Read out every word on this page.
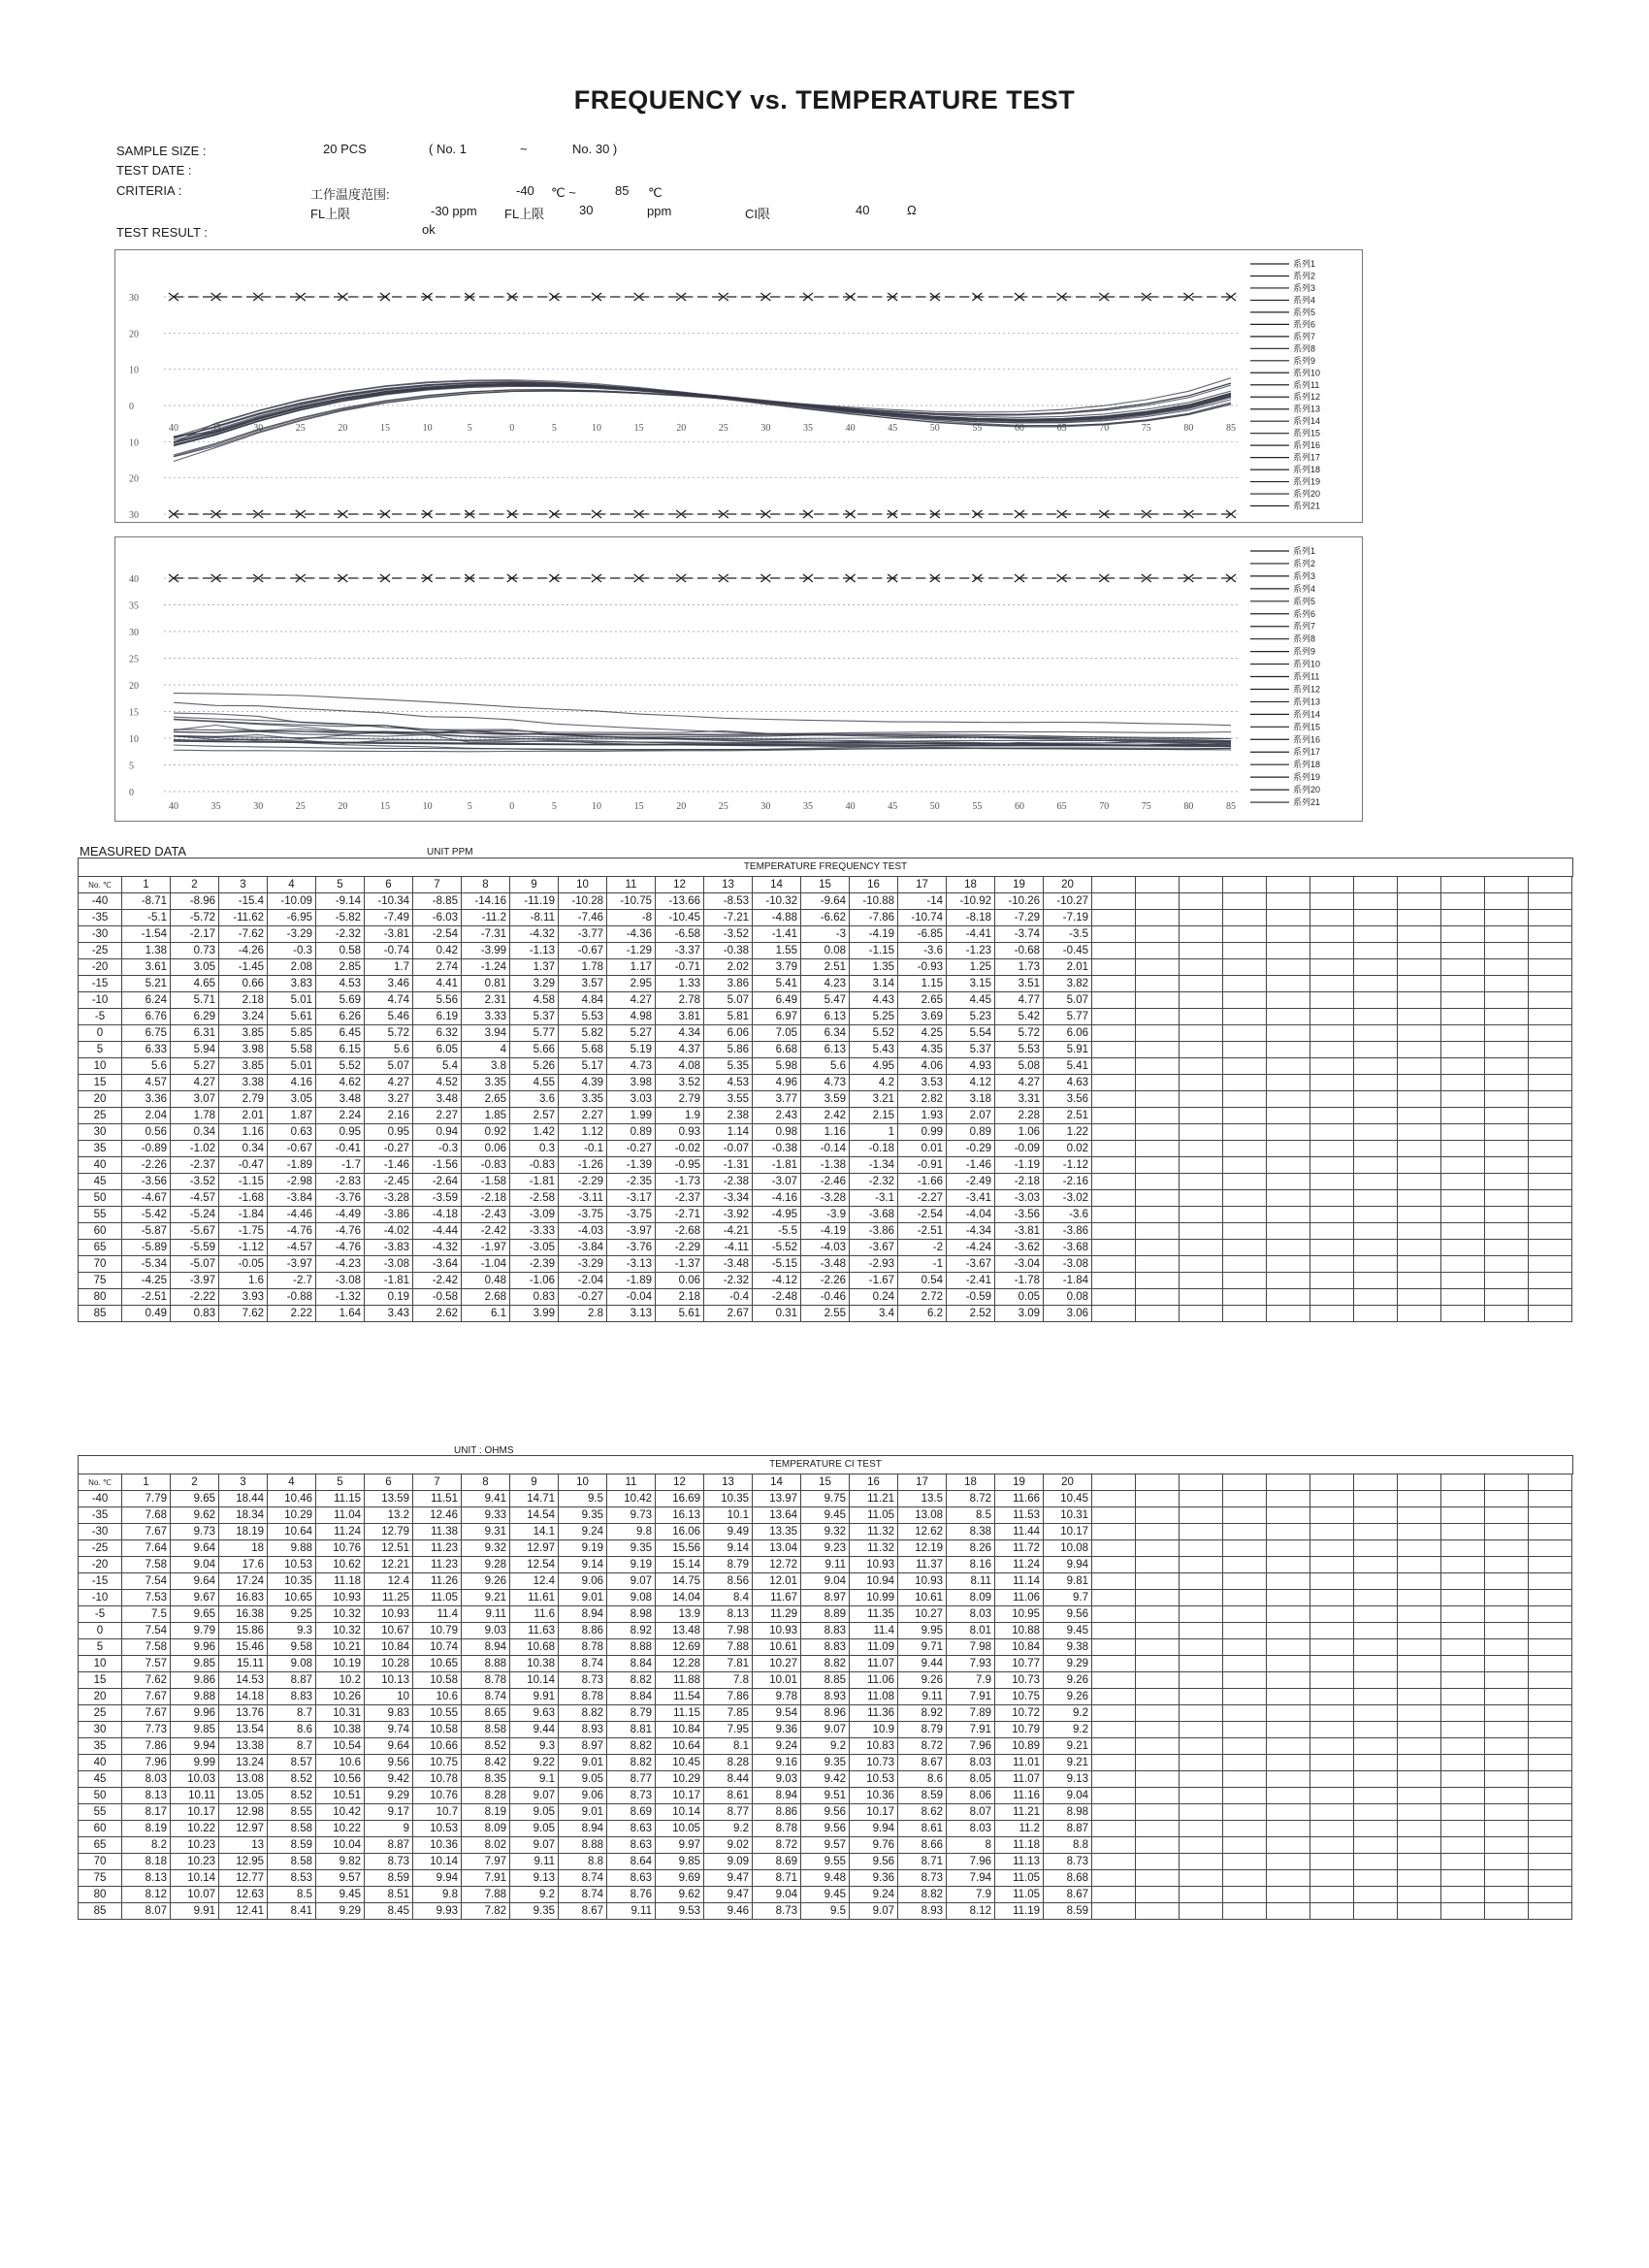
FREQUENCY vs. TEMPERATURE TEST
SAMPLE SIZE :	20 PCS	( No. 1	~	No. 30 )
TEST DATE :
CRITERIA :	工作温度范围:	-40 ℃ ~	85 ℃
FL上限	-30 ppm FL上限	30	ppm	CI限	40	Ω
TEST RESULT :	ok
30
20
10
0
10
20
30
40	35	30	25	20	15	10	5	0	5	10	15	20	25	30	35	40	45	50	55	60	65	70	75	80	85
系列1
系列2
系列3
系列4
系列5
系列6
系列7
系列8
系列9
系列10
系列11
系列12
系列13
系列14
系列15
系列16
系列17
系列18
系列19
系列20
系列21
40
35
30
25
20
15
10
5
0
40	35	30	25	20	15	10	5	0	5	10	15	20	25	30	35	40	45	50	55	60	65	70	75	80	85
系列1
系列2
系列3
系列4
系列5
系列6
系列7
系列8
系列9
系列10
系列11
系列12
系列13
系列14
系列15
系列16
系列17
系列18
系列19
系列20
系列21
MEASURED DATA	UNIT PPM
TEMPERATURE FREQUENCY TEST
No. ℃	1	2	3	4	5	6	7	8	9	10	11	12	13	14	15	16	17	18	19	20											
-40	-8.71	-8.96	-15.4	-10.09	-9.14	-10.34	-8.85	-14.16	-11.19	-10.28	-10.75	-13.66	-8.53	-10.32	-9.64	-10.88	-14	-10.92	-10.26	-10.27											
-35	-5.1	-5.72	-11.62	-6.95	-5.82	-7.49	-6.03	-11.2	-8.11	-7.46	-8	-10.45	-7.21	-4.88	-6.62	-7.86	-10.74	-8.18	-7.29	-7.19											
-30	-1.54	-2.17	-7.62	-3.29	-2.32	-3.81	-2.54	-7.31	-4.32	-3.77	-4.36	-6.58	-3.52	-1.41	-3	-4.19	-6.85	-4.41	-3.74	-3.5											
-25	1.38	0.73	-4.26	-0.3	0.58	-0.74	0.42	-3.99	-1.13	-0.67	-1.29	-3.37	-0.38	1.55	0.08	-1.15	-3.6	-1.23	-0.68	-0.45											
-20	3.61	3.05	-1.45	2.08	2.85	1.7	2.74	-1.24	1.37	1.78	1.17	-0.71	2.02	3.79	2.51	1.35	-0.93	1.25	1.73	2.01											
-15	5.21	4.65	0.66	3.83	4.53	3.46	4.41	0.81	3.29	3.57	2.95	1.33	3.86	5.41	4.23	3.14	1.15	3.15	3.51	3.82											
-10	6.24	5.71	2.18	5.01	5.69	4.74	5.56	2.31	4.58	4.84	4.27	2.78	5.07	6.49	5.47	4.43	2.65	4.45	4.77	5.07											
-5	6.76	6.29	3.24	5.61	6.26	5.46	6.19	3.33	5.37	5.53	4.98	3.81	5.81	6.97	6.13	5.25	3.69	5.23	5.42	5.77											
0	6.75	6.31	3.85	5.85	6.45	5.72	6.32	3.94	5.77	5.82	5.27	4.34	6.06	7.05	6.34	5.52	4.25	5.54	5.72	6.06											
5	6.33	5.94	3.98	5.58	6.15	5.6	6.05	4	5.66	5.68	5.19	4.37	5.86	6.68	6.13	5.43	4.35	5.37	5.53	5.91											
10	5.6	5.27	3.85	5.01	5.52	5.07	5.4	3.8	5.26	5.17	4.73	4.08	5.35	5.98	5.6	4.95	4.06	4.93	5.08	5.41											
15	4.57	4.27	3.38	4.16	4.62	4.27	4.52	3.35	4.55	4.39	3.98	3.52	4.53	4.96	4.73	4.2	3.53	4.12	4.27	4.63											
20	3.36	3.07	2.79	3.05	3.48	3.27	3.48	2.65	3.6	3.35	3.03	2.79	3.55	3.77	3.59	3.21	2.82	3.18	3.31	3.56											
25	2.04	1.78	2.01	1.87	2.24	2.16	2.27	1.85	2.57	2.27	1.99	1.9	2.38	2.43	2.42	2.15	1.93	2.07	2.28	2.51											
30	0.56	0.34	1.16	0.63	0.95	0.95	0.94	0.92	1.42	1.12	0.89	0.93	1.14	0.98	1.16	1	0.99	0.89	1.06	1.22											
35	-0.89	-1.02	0.34	-0.67	-0.41	-0.27	-0.3	0.06	0.3	-0.1	-0.27	-0.02	-0.07	-0.38	-0.14	-0.18	0.01	-0.29	-0.09	0.02											
40	-2.26	-2.37	-0.47	-1.89	-1.7	-1.46	-1.56	-0.83	-0.83	-1.26	-1.39	-0.95	-1.31	-1.81	-1.38	-1.34	-0.91	-1.46	-1.19	-1.12											
45	-3.56	-3.52	-1.15	-2.98	-2.83	-2.45	-2.64	-1.58	-1.81	-2.29	-2.35	-1.73	-2.38	-3.07	-2.46	-2.32	-1.66	-2.49	-2.18	-2.16											
50	-4.67	-4.57	-1.68	-3.84	-3.76	-3.28	-3.59	-2.18	-2.58	-3.11	-3.17	-2.37	-3.34	-4.16	-3.28	-3.1	-2.27	-3.41	-3.03	-3.02											
55	-5.42	-5.24	-1.84	-4.46	-4.49	-3.86	-4.18	-2.43	-3.09	-3.75	-3.75	-2.71	-3.92	-4.95	-3.9	-3.68	-2.54	-4.04	-3.56	-3.6											
60	-5.87	-5.67	-1.75	-4.76	-4.76	-4.02	-4.44	-2.42	-3.33	-4.03	-3.97	-2.68	-4.21	-5.5	-4.19	-3.86	-2.51	-4.34	-3.81	-3.86											
65	-5.89	-5.59	-1.12	-4.57	-4.76	-3.83	-4.32	-1.97	-3.05	-3.84	-3.76	-2.29	-4.11	-5.52	-4.03	-3.67	-2	-4.24	-3.62	-3.68											
70	-5.34	-5.07	-0.05	-3.97	-4.23	-3.08	-3.64	-1.04	-2.39	-3.29	-3.13	-1.37	-3.48	-5.15	-3.48	-2.93	-1	-3.67	-3.04	-3.08											
75	-4.25	-3.97	1.6	-2.7	-3.08	-1.81	-2.42	0.48	-1.06	-2.04	-1.89	0.06	-2.32	-4.12	-2.26	-1.67	0.54	-2.41	-1.78	-1.84											
80	-2.51	-2.22	3.93	-0.88	-1.32	0.19	-0.58	2.68	0.83	-0.27	-0.04	2.18	-0.4	-2.48	-0.46	0.24	2.72	-0.59	0.05	0.08											
85	0.49	0.83	7.62	2.22	1.64	3.43	2.62	6.1	3.99	2.8	3.13	5.61	2.67	0.31	2.55	3.4	6.2	2.52	3.09	3.06											
UNIT : OHMS
TEMPERATURE CI TEST
No. ℃	1	2	3	4	5	6	7	8	9	10	11	12	13	14	15	16	17	18	19	20											
-40	7.79	9.65	18.44	10.46	11.15	13.59	11.51	9.41	14.71	9.5	10.42	16.69	10.35	13.97	9.75	11.21	13.5	8.72	11.66	10.45											
-35	7.68	9.62	18.34	10.29	11.04	13.2	12.46	9.33	14.54	9.35	9.73	16.13	10.1	13.64	9.45	11.05	13.08	8.5	11.53	10.31											
-30	7.67	9.73	18.19	10.64	11.24	12.79	11.38	9.31	14.1	9.24	9.8	16.06	9.49	13.35	9.32	11.32	12.62	8.38	11.44	10.17											
-25	7.64	9.64	18	9.88	10.76	12.51	11.23	9.32	12.97	9.19	9.35	15.56	9.14	13.04	9.23	11.32	12.19	8.26	11.72	10.08											
-20	7.58	9.04	17.6	10.53	10.62	12.21	11.23	9.28	12.54	9.14	9.19	15.14	8.79	12.72	9.11	10.93	11.37	8.16	11.24	9.94											
-15	7.54	9.64	17.24	10.35	11.18	12.4	11.26	9.26	12.4	9.06	9.07	14.75	8.56	12.01	9.04	10.94	10.93	8.11	11.14	9.81											
-10	7.53	9.67	16.83	10.65	10.93	11.25	11.05	9.21	11.61	9.01	9.08	14.04	8.4	11.67	8.97	10.99	10.61	8.09	11.06	9.7											
-5	7.5	9.65	16.38	9.25	10.32	10.93	11.4	9.11	11.6	8.94	8.98	13.9	8.13	11.29	8.89	11.35	10.27	8.03	10.95	9.56											
0	7.54	9.79	15.86	9.3	10.32	10.67	10.79	9.03	11.63	8.86	8.92	13.48	7.98	10.93	8.83	11.4	9.95	8.01	10.88	9.45											
5	7.58	9.96	15.46	9.58	10.21	10.84	10.74	8.94	10.68	8.78	8.88	12.69	7.88	10.61	8.83	11.09	9.71	7.98	10.84	9.38											
10	7.57	9.85	15.11	9.08	10.19	10.28	10.65	8.88	10.38	8.74	8.84	12.28	7.81	10.27	8.82	11.07	9.44	7.93	10.77	9.29											
15	7.62	9.86	14.53	8.87	10.2	10.13	10.58	8.78	10.14	8.73	8.82	11.88	7.8	10.01	8.85	11.06	9.26	7.9	10.73	9.26											
20	7.67	9.88	14.18	8.83	10.26	10	10.6	8.74	9.91	8.78	8.84	11.54	7.86	9.78	8.93	11.08	9.11	7.91	10.75	9.26											
25	7.67	9.96	13.76	8.7	10.31	9.83	10.55	8.65	9.63	8.82	8.79	11.15	7.85	9.54	8.96	11.36	8.92	7.89	10.72	9.2											
30	7.73	9.85	13.54	8.6	10.38	9.74	10.58	8.58	9.44	8.93	8.81	10.84	7.95	9.36	9.07	10.9	8.79	7.91	10.79	9.2											
35	7.86	9.94	13.38	8.7	10.54	9.64	10.66	8.52	9.3	8.97	8.82	10.64	8.1	9.24	9.2	10.83	8.72	7.96	10.89	9.21											
40	7.96	9.99	13.24	8.57	10.6	9.56	10.75	8.42	9.22	9.01	8.82	10.45	8.28	9.16	9.35	10.73	8.67	8.03	11.01	9.21											
45	8.03	10.03	13.08	8.52	10.56	9.42	10.78	8.35	9.1	9.05	8.77	10.29	8.44	9.03	9.42	10.53	8.6	8.05	11.07	9.13											
50	8.13	10.11	13.05	8.52	10.51	9.29	10.76	8.28	9.07	9.06	8.73	10.17	8.61	8.94	9.51	10.36	8.59	8.06	11.16	9.04											
55	8.17	10.17	12.98	8.55	10.42	9.17	10.7	8.19	9.05	9.01	8.69	10.14	8.77	8.86	9.56	10.17	8.62	8.07	11.21	8.98											
60	8.19	10.22	12.97	8.58	10.22	9	10.53	8.09	9.05	8.94	8.63	10.05	9.2	8.78	9.56	9.94	8.61	8.03	11.2	8.87											
65	8.2	10.23	13	8.59	10.04	8.87	10.36	8.02	9.07	8.88	8.63	9.97	9.02	8.72	9.57	9.76	8.66	8	11.18	8.8											
70	8.18	10.23	12.95	8.58	9.82	8.73	10.14	7.97	9.11	8.8	8.64	9.85	9.09	8.69	9.55	9.56	8.71	7.96	11.13	8.73											
75	8.13	10.14	12.77	8.53	9.57	8.59	9.94	7.91	9.13	8.74	8.63	9.69	9.47	8.71	9.48	9.36	8.73	7.94	11.05	8.68											
80	8.12	10.07	12.63	8.5	9.45	8.51	9.8	7.88	9.2	8.74	8.76	9.62	9.47	9.04	9.45	9.24	8.82	7.9	11.05	8.67											
85	8.07	9.91	12.41	8.41	9.29	8.45	9.93	7.82	9.35	8.67	9.11	9.53	9.46	8.73	9.5	9.07	8.93	8.12	11.19	8.59											
